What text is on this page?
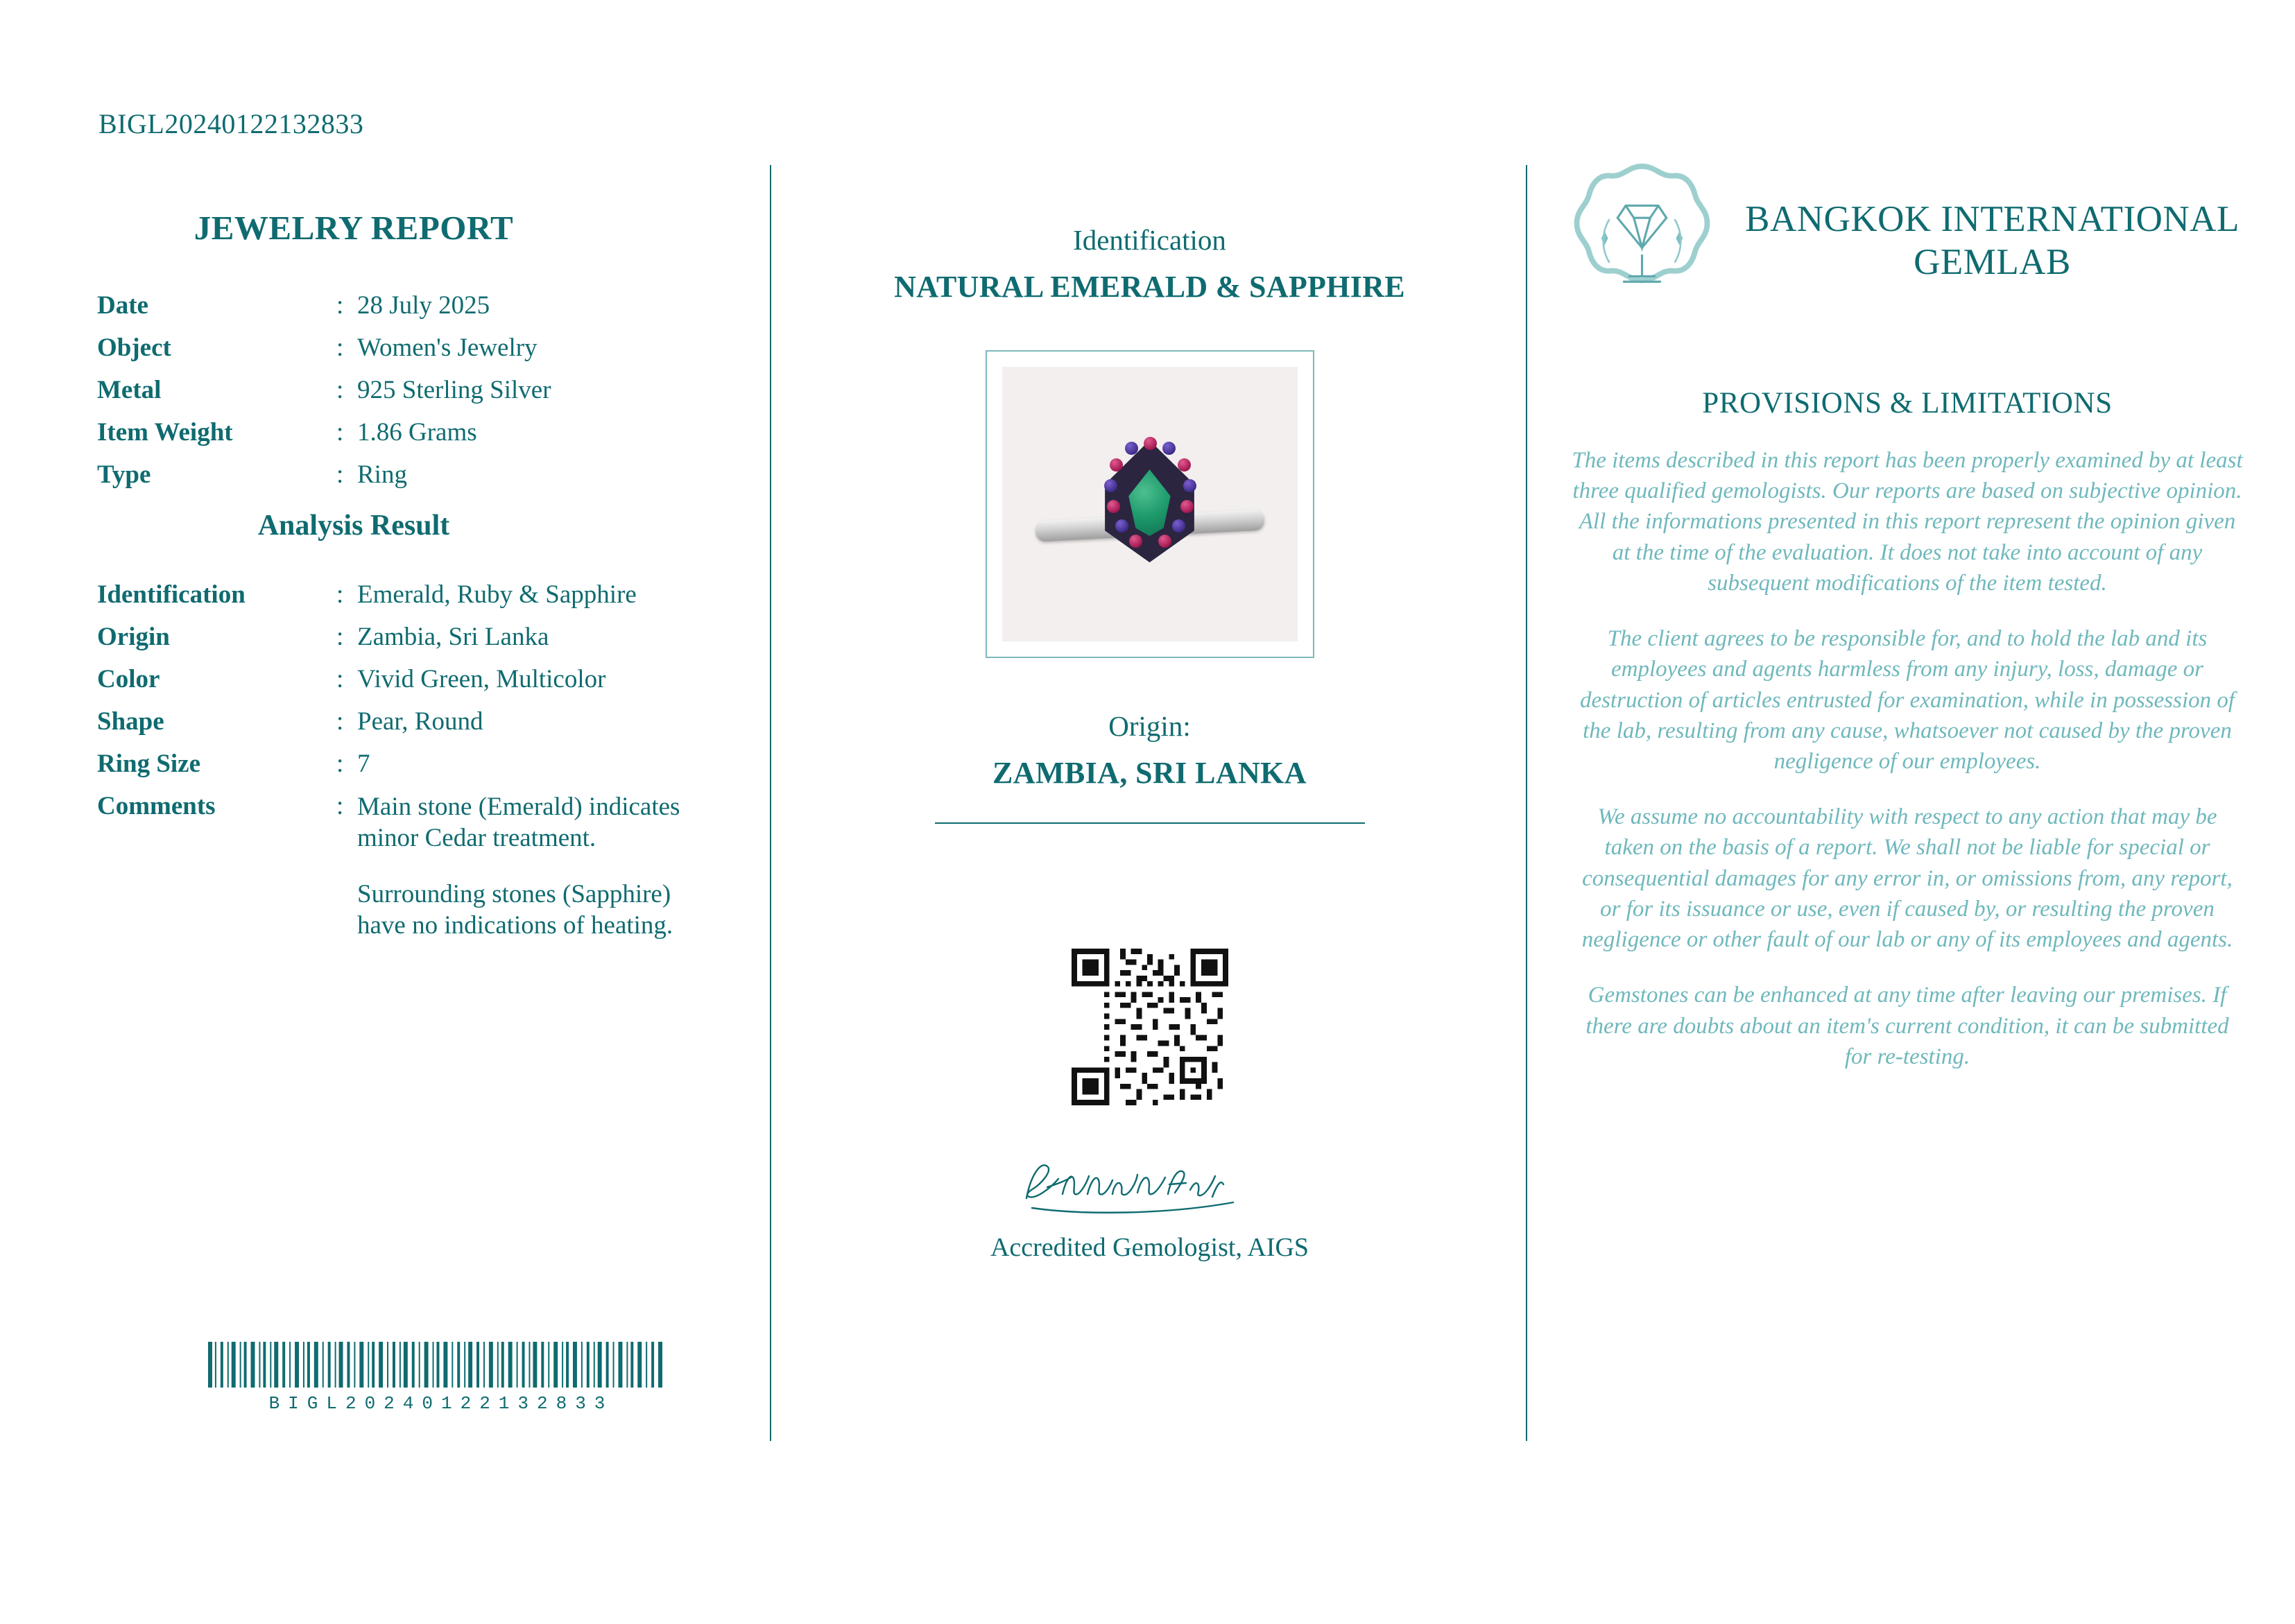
BIGL20240122132833
JEWELRY REPORT
Date	: 28 July 2025
Object	: Women's Jewelry
Metal	: 925 Sterling Silver
Item Weight	: 1.86 Grams
Type	: Ring
Analysis Result
Identification	: Emerald, Ruby & Sapphire
Origin	: Zambia, Sri Lanka
Color	: Vivid Green, Multicolor
Shape	: Pear, Round
Ring Size	: 7
Comments	: Main stone (Emerald) indicates minor Cedar treatment.

Surrounding stones (Sapphire) have no indications of heating.

BIGL20240122132833
Identification
NATURAL EMERALD & SAPPHIRE
Origin:
ZAMBIA, SRI LANKA
Accredited Gemologist, AIGS
BANGKOK INTERNATIONAL GEMLAB
PROVISIONS & LIMITATIONS

The items described in this report has been properly examined by at least three qualified gemologists. Our reports are based on subjective opinion. All the informations presented in this report represent the opinion given at the time of the evaluation. It does not take into account of any subsequent modifications of the item tested.

The client agrees to be responsible for, and to hold the lab and its employees and agents harmless from any injury, loss, damage or destruction of articles entrusted for examination, while in possession of the lab, resulting from any cause, whatsoever not caused by the proven negligence of our employees.

We assume no accountability with respect to any action that may be taken on the basis of a report. We shall not be liable for special or consequential damages for any error in, or omissions from, any report, or for its issuance or use, even if caused by, or resulting the proven negligence or other fault of our lab or any of its employees and agents.

Gemstones can be enhanced at any time after leaving our premises. If there are doubts about an item's current condition, it can be submitted for re-testing.
